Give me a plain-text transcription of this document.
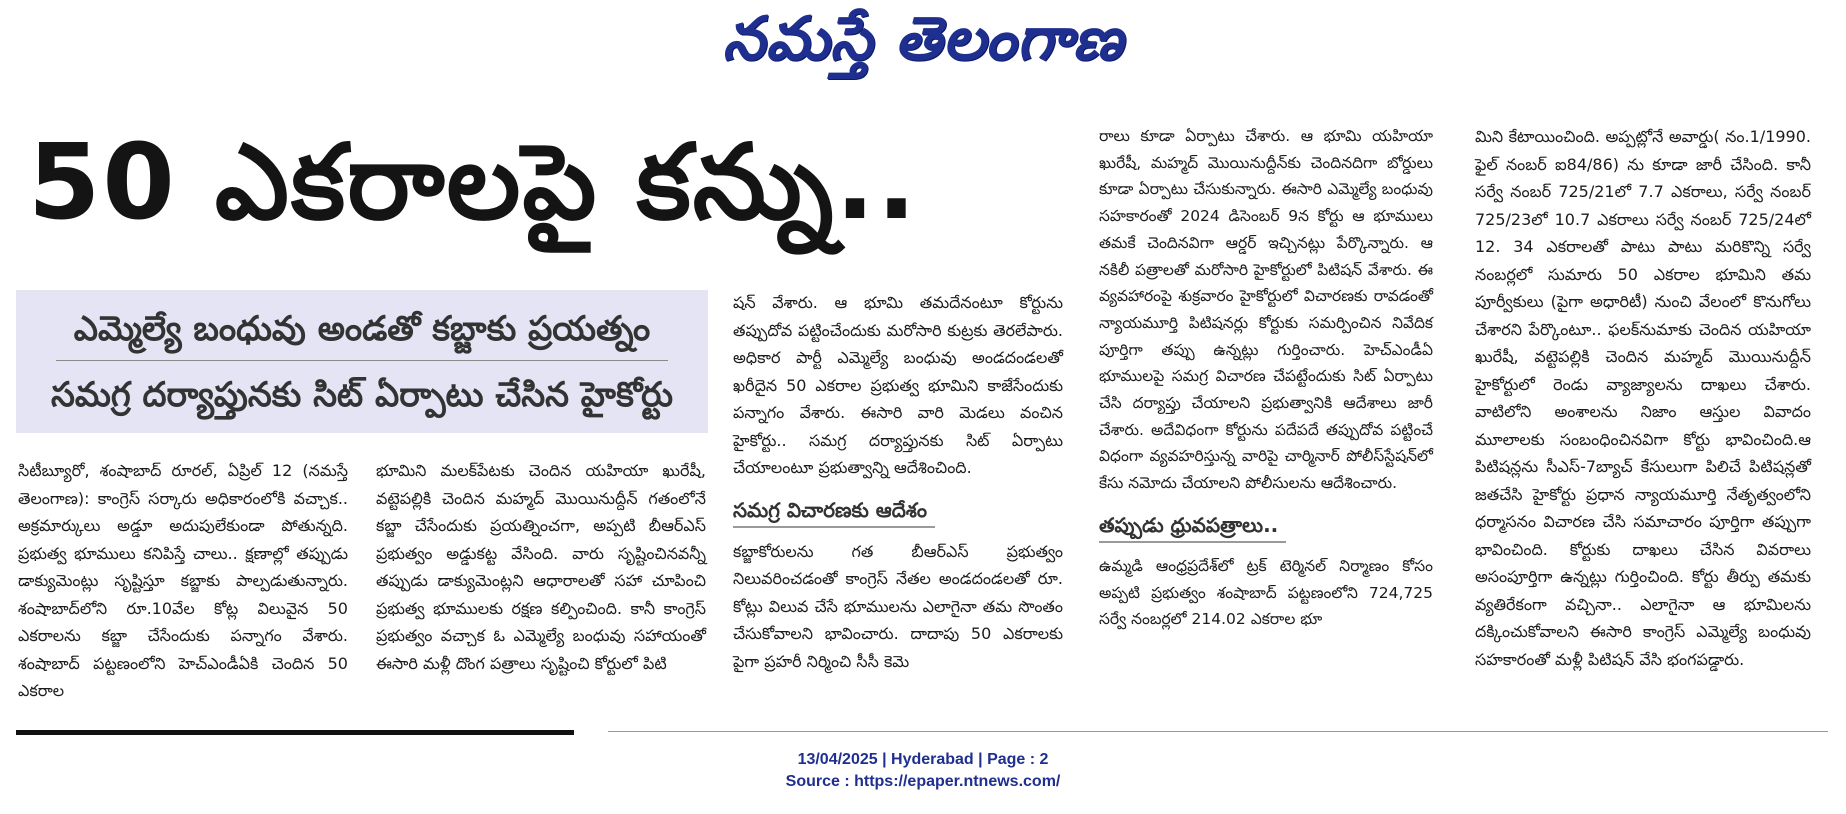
నమస్తే తెలంగాణ
50 ఎకరాలపై కన్ను..
ఎమ్మెల్యే బంధువు అండతో కబ్జాకు ప్రయత్నం
సమగ్ర దర్యాప్తునకు సిట్ ఏర్పాటు చేసిన హైకోర్టు

సిటీబ్యూరో, శంషాబాద్ రూరల్, ఏప్రిల్ 12 (నమస్తే తెలంగాణ): కాంగ్రెస్ సర్కారు అధికారంలోకి వచ్చాక.. అక్రమార్కులు అడ్డూ అదుపులేకుండా పోతున్నది. ప్రభుత్వ భూములు కనిపిస్తే చాలు.. క్షణాల్లో తప్పుడు డాక్యుమెంట్లు సృష్టిస్తూ కబ్జాకు పాల్పడుతున్నారు. శంషాబాద్‌లోని రూ.10వేల కోట్ల విలువైన 50 ఎకరాలను కబ్జా చేసేందుకు పన్నాగం వేశారు. శంషాబాద్ పట్టణంలోని హెచ్ఎండీఏకి చెందిన 50 ఎకరాల

భూమిని మలక్‌పేటకు చెందిన యహియా ఖురేషీ, వట్టెపల్లికి చెందిన మహ్మద్ మొయినుద్దీన్ గతంలోనే కబ్జా చేసేందుకు ప్రయత్నించగా, అప్పటి బీఆర్ఎస్ ప్రభుత్వం అడ్డుకట్ట వేసింది. వారు సృష్టించినవన్నీ తప్పుడు డాక్యుమెంట్లని ఆధారాలతో సహా చూపించి ప్రభుత్వ భూములకు రక్షణ కల్పించింది. కానీ కాంగ్రెస్ ప్రభుత్వం వచ్చాక ఓ ఎమ్మెల్యే బంధువు సహాయంతో ఈసారి మళ్లీ దొంగ పత్రాలు సృష్టించి కోర్టులో పిటి

షన్ వేశారు. ఆ భూమి తమదేనంటూ కోర్టును తప్పుదోవ పట్టించేందుకు మరోసారి కుట్రకు తెరలేపారు. అధికార పార్టీ ఎమ్మెల్యే బంధువు అండదండలతో ఖరీదైన 50 ఎకరాల ప్రభుత్వ భూమిని కాజేసేందుకు పన్నాగం వేశారు. ఈసారి వారి మెడలు వంచిన హైకోర్టు.. సమగ్ర దర్యాప్తునకు సిట్ ఏర్పాటు చేయాలంటూ ప్రభుత్వాన్ని ఆదేశించింది.

సమగ్ర విచారణకు ఆదేశం

కబ్జాకోరులను గత బీఆర్ఎస్ ప్రభుత్వం నిలువరించడంతో కాంగ్రెస్ నేతల అండదండలతో రూ. కోట్లు విలువ చేసే భూములను ఎలాగైనా తమ సొంతం చేసుకోవాలని భావించారు. దాదాపు 50 ఎకరాలకు పైగా ప్రహరీ నిర్మించి సీసీ కెమె

రాలు కూడా ఏర్పాటు చేశారు. ఆ భూమి యహియా ఖురేషీ, మహ్మద్ మొయినుద్దీన్‌కు చెందినదిగా బోర్డులు కూడా ఏర్పాటు చేసుకున్నారు. ఈసారి ఎమ్మెల్యే బంధువు సహకారంతో 2024 డిసెంబర్ 9న కోర్టు ఆ భూములు తమకే చెందినవిగా ఆర్డర్ ఇచ్చినట్లు పేర్కొన్నారు. ఆ నకిలీ పత్రాలతో మరోసారి హైకోర్టులో పిటిషన్ వేశారు. ఈ వ్యవహారంపై శుక్రవారం హైకోర్టులో విచారణకు రావడంతో న్యాయమూర్తి పిటిషనర్లు కోర్టుకు సమర్పించిన నివేదిక పూర్తిగా తప్పు ఉన్నట్లు గుర్తించారు. హెచ్ఎండీఏ భూములపై సమగ్ర విచారణ చేపట్టేందుకు సిట్ ఏర్పాటు చేసి దర్యాప్తు చేయాలని ప్రభుత్వానికి ఆదేశాలు జారీ చేశారు. అదేవిధంగా కోర్టును పదేపదే తప్పుదోవ పట్టించే విధంగా వ్యవహరిస్తున్న వారిపై చార్మినార్ పోలీస్‌స్టేషన్‌లో కేసు నమోదు చేయాలని పోలీసులను ఆదేశించారు.

తప్పుడు ధ్రువపత్రాలు..

ఉమ్మడి ఆంధ్రప్రదేశ్‌లో ట్రక్ టెర్మినల్ నిర్మాణం కోసం అప్పటి ప్రభుత్వం శంషాబాద్ పట్టణంలోని 724,725 సర్వే నంబర్లలో 214.02 ఎకరాల భూ

మిని కేటాయించింది. అప్పట్లోనే అవార్డు( నం.1/1990. ఫైల్ నంబర్ ఐ84/86) ను కూడా జారీ చేసింది. కానీ సర్వే నంబర్ 725/21లో 7.7 ఎకరాలు, సర్వే నంబర్ 725/23లో 10.7 ఎకరాలు సర్వే నంబర్ 725/24లో 12. 34 ఎకరాలతో పాటు పాటు మరికొన్ని సర్వే నంబర్లలో సుమారు 50 ఎకరాల భూమిని తమ పూర్వీకులు (పైగా అధారిటీ) నుంచి వేలంలో కొనుగోలు చేశారని పేర్కొంటూ.. ఫలక్‌నుమాకు చెందిన యహియా ఖురేషీ, వట్టెపల్లికి చెందిన మహ్మద్ మొయినుద్దీన్ హైకోర్టులో రెండు వ్యాజ్యాలను దాఖలు చేశారు. వాటిలోని అంశాలను నిజాం ఆస్తుల వివాదం మూలాలకు సంబంధించినవిగా కోర్టు భావించింది.ఆ పిటిషన్లను సీఎస్-7బ్యాచ్ కేసులుగా పిలిచే పిటిషన్లతో జతచేసి హైకోర్టు ప్రధాన న్యాయమూర్తి నేతృత్వంలోని ధర్మాసనం విచారణ చేసి సమాచారం పూర్తిగా తప్పుగా భావించింది. కోర్టుకు దాఖలు చేసిన వివరాలు అసంపూర్తిగా ఉన్నట్లు గుర్తించింది. కోర్టు తీర్పు తమకు వ్యతిరేకంగా వచ్చినా.. ఎలాగైనా ఆ భూమిలను దక్కించుకోవాలని ఈసారి కాంగ్రెస్ ఎమ్మెల్యే బంధువు సహకారంతో మళ్లీ పిటిషన్ వేసి భంగపడ్డారు.

13/04/2025 | Hyderabad | Page : 2
Source : https://epaper.ntnews.com/
